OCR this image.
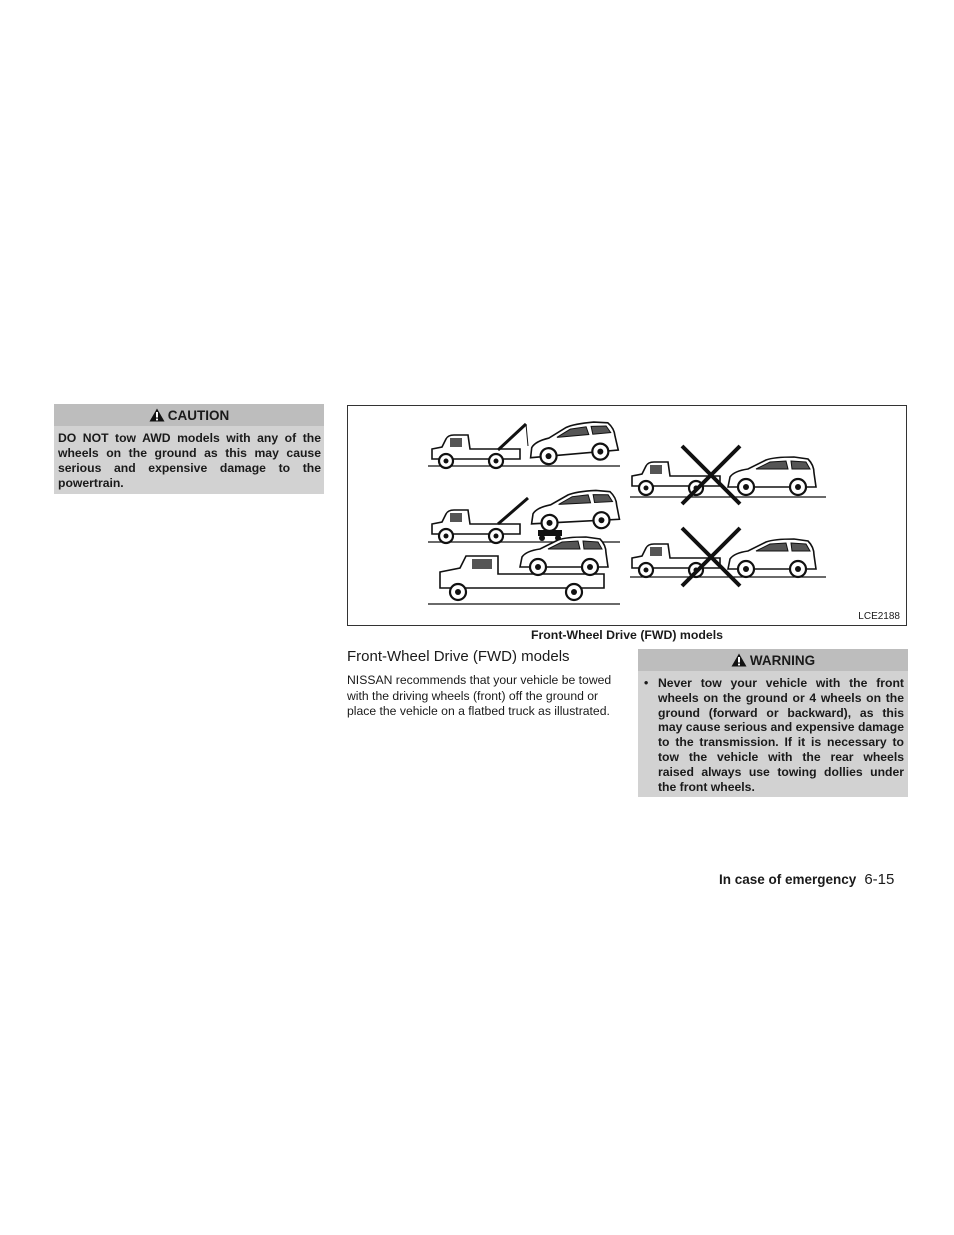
CAUTION
DO NOT tow AWD models with any of the wheels on the ground as this may cause serious and expensive damage to the powertrain.
LCE2188
Front-Wheel Drive (FWD) models
Front-Wheel Drive (FWD) models
NISSAN recommends that your vehicle be towed with the driving wheels (front) off the ground or place the vehicle on a flatbed truck as illustrated.
WARNING
• Never tow your vehicle with the front wheels on the ground or 4 wheels on the ground (forward or backward), as this may cause serious and expensive damage to the transmission. If it is necessary to tow the vehicle with the rear wheels raised always use towing dollies under the front wheels.
In case of emergency 6-15
